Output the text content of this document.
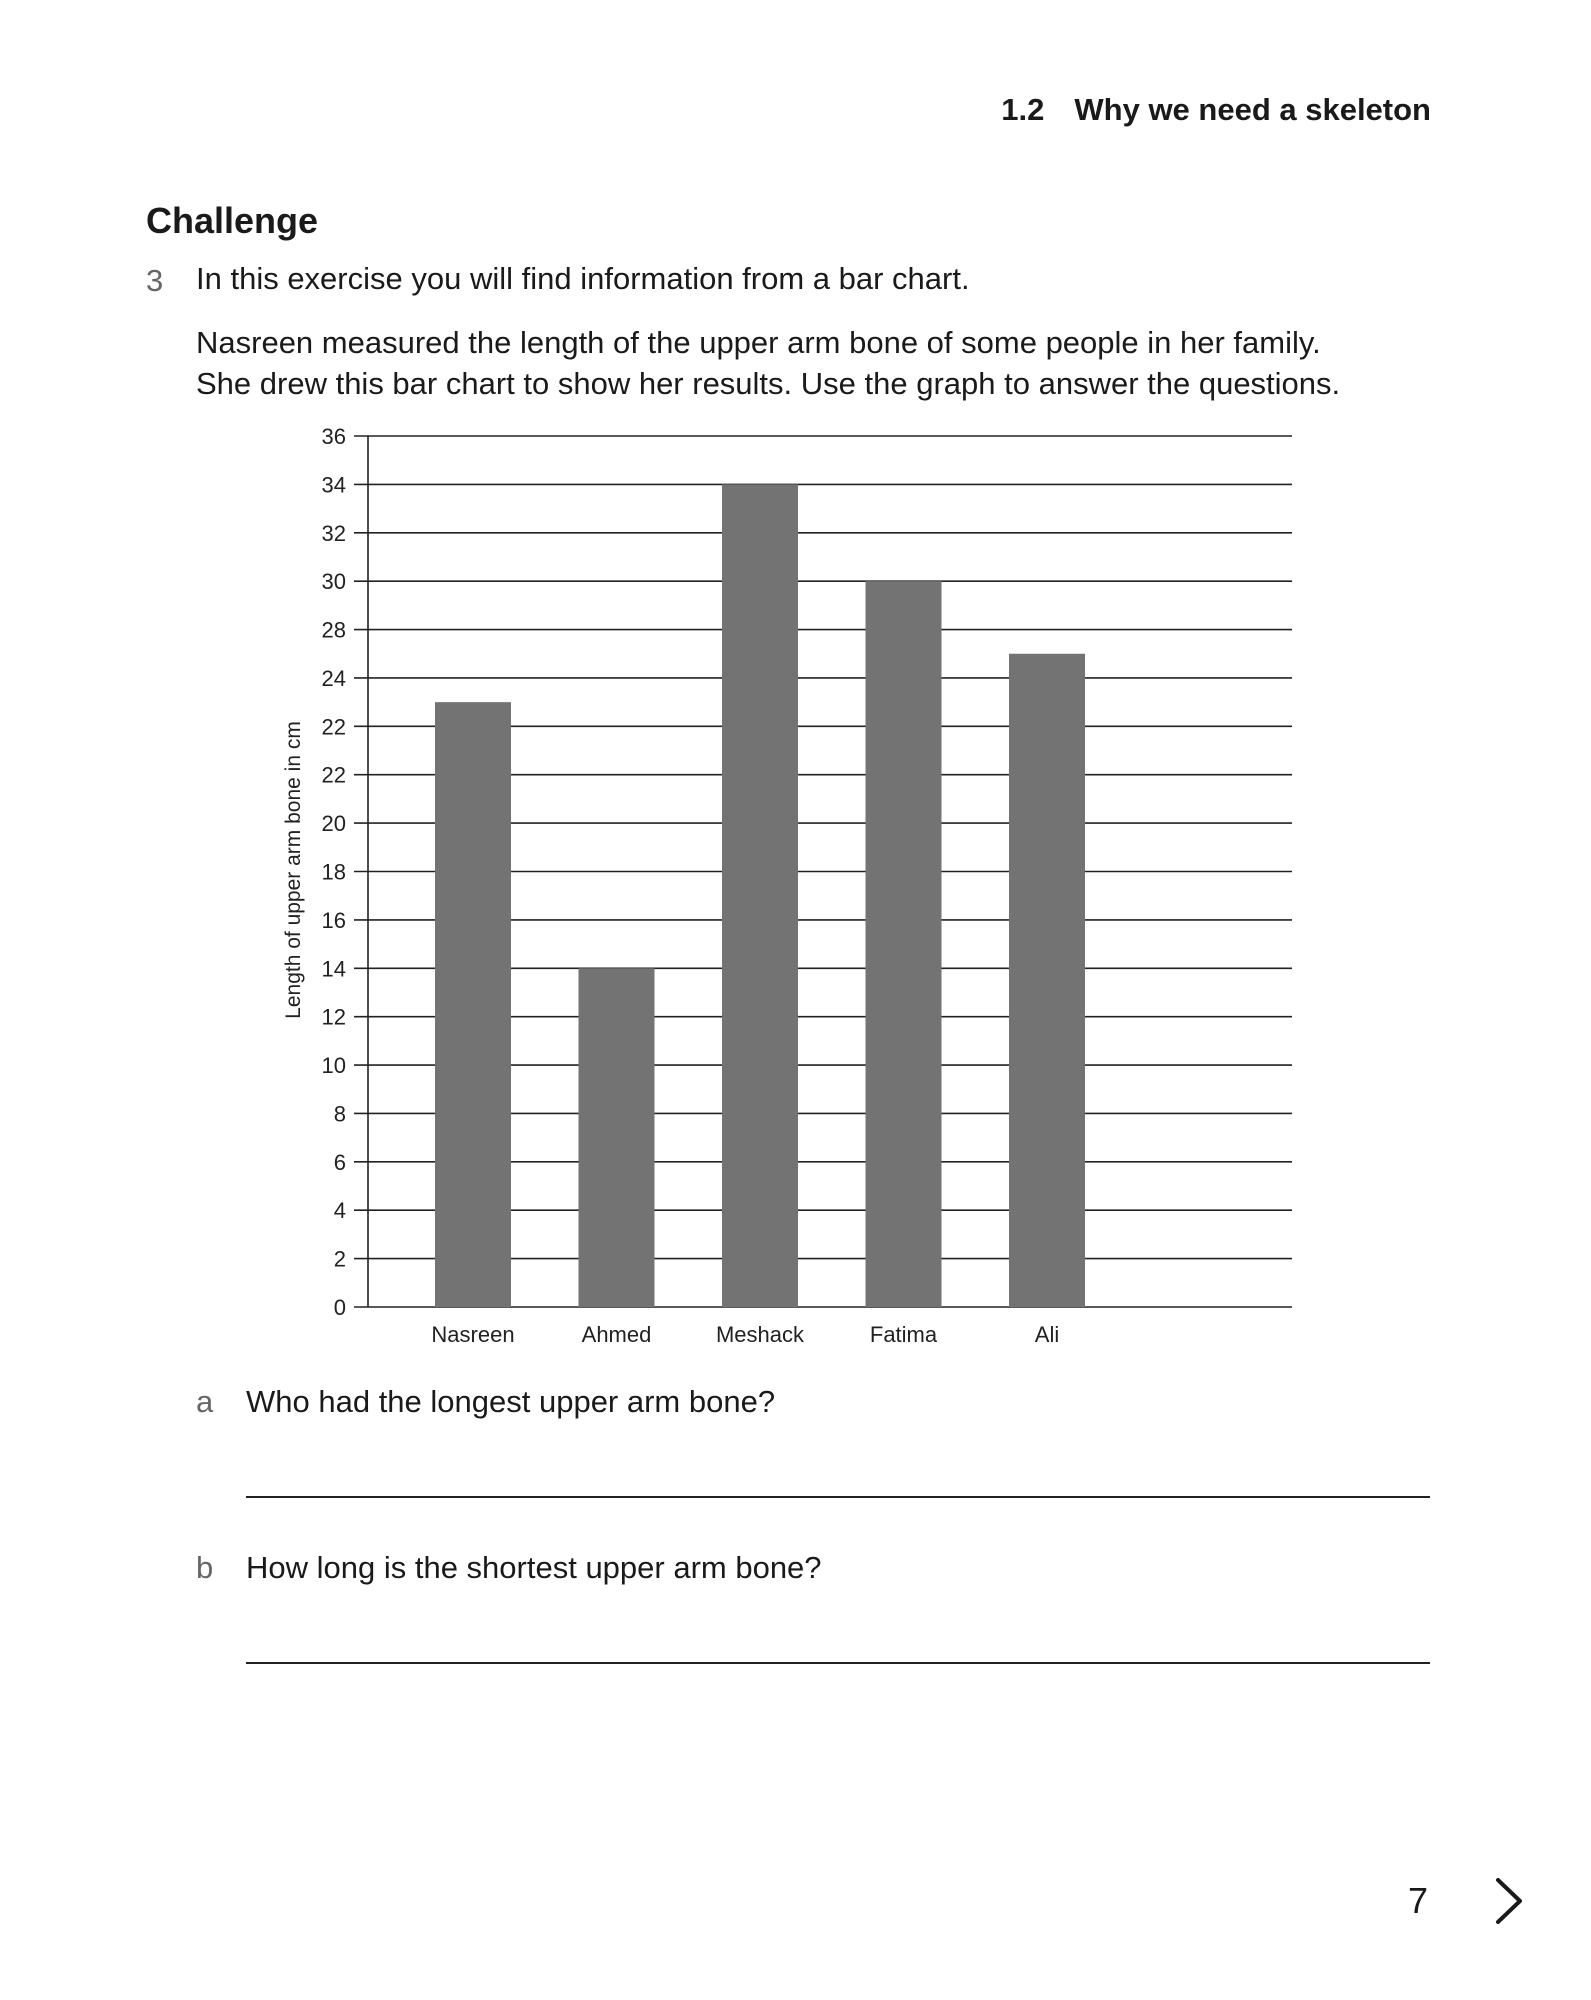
1.2 Why we need a skeleton
Challenge
3 In this exercise you will find information from a bar chart.

Nasreen measured the length of the upper arm bone of some people in her family.

She drew this bar chart to show her results. Use the graph to answer the questions.

0
2
4
6
8
10
12
14
16
18
20
22
22
24
28
30
32
34
36
Nasreen	Ahmed	Meshack	Fatima	Ali
Length of upper arm bone in cm
a Who had the longest upper arm bone?
b How long is the shortest upper arm bone?
7
